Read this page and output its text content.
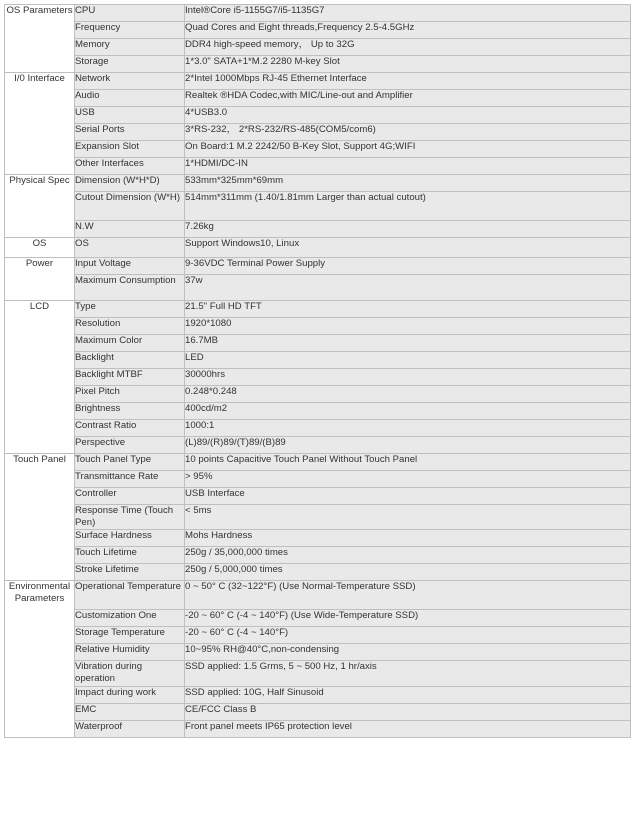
OS Parameters	CPU	Intel®Core i5-1155G7/i5-1135G7
	Frequency	Quad Cores and Eight threads,Frequency 2.5-4.5GHz
	Memory	DDR4 high-speed memory， Up to 32G
	Storage	1*3.0" SATA+1*M.2 2280 M-key Slot
I/0 Interface	Network	2*Intel 1000Mbps RJ-45 Ethernet Interface
	Audio	Realtek ®HDA Codec,with MIC/Line-out and Amplifier
	USB	4*USB3.0
	Serial Ports	3*RS-232， 2*RS-232/RS-485(COM5/com6)
	Expansion Slot	On Board:1 M.2 2242/50 B-Key Slot, Support 4G;WIFI
	Other Interfaces	1*HDMI/DC-IN
Physical Spec	Dimension (W*H*D)	533mm*325mm*69mm
	Cutout Dimension (W*H)	514mm*311mm (1.40/1.81mm Larger than actual cutout)
	N.W	7.26kg
OS	OS	Support Windows10, Linux
Power	Input Voltage	9-36VDC Terminal Power Supply
	Maximum Consumption	37w
LCD	Type	21.5" Full HD TFT
	Resolution	1920*1080
	Maximum Color	16.7MB
	Backlight	LED
	Backlight MTBF	30000hrs
	Pixel Pitch	0.248*0.248
	Brightness	400cd/m2
	Contrast Ratio	1000:1
	Perspective	(L)89/(R)89/(T)89/(B)89
Touch Panel	Touch Panel Type	10 points Capacitive Touch Panel Without Touch Panel
	Transmittance Rate	> 95%
	Controller	USB Interface
	Response Time (Touch Pen)	< 5ms
	Surface Hardness	Mohs Hardness
	Touch Lifetime	250g / 35,000,000 times
	Stroke Lifetime	250g / 5,000,000 times
Environmental Parameters	Operational Temperature	0 ~ 50° C (32~122°F) (Use Normal-Temperature SSD)
	Customization One	-20 ~ 60° C (-4 ~ 140°F) (Use Wide-Temperature SSD)
	Storage Temperature	-20 ~ 60° C (-4 ~ 140°F)
	Relative Humidity	10~95% RH@40°C,non-condensing
	Vibration during operation	SSD applied: 1.5 Grms, 5 ~ 500 Hz, 1 hr/axis
	Impact during work	SSD applied: 10G, Half Sinusoid
	EMC	CE/FCC Class B
	Waterproof	Front panel meets IP65 protection level
